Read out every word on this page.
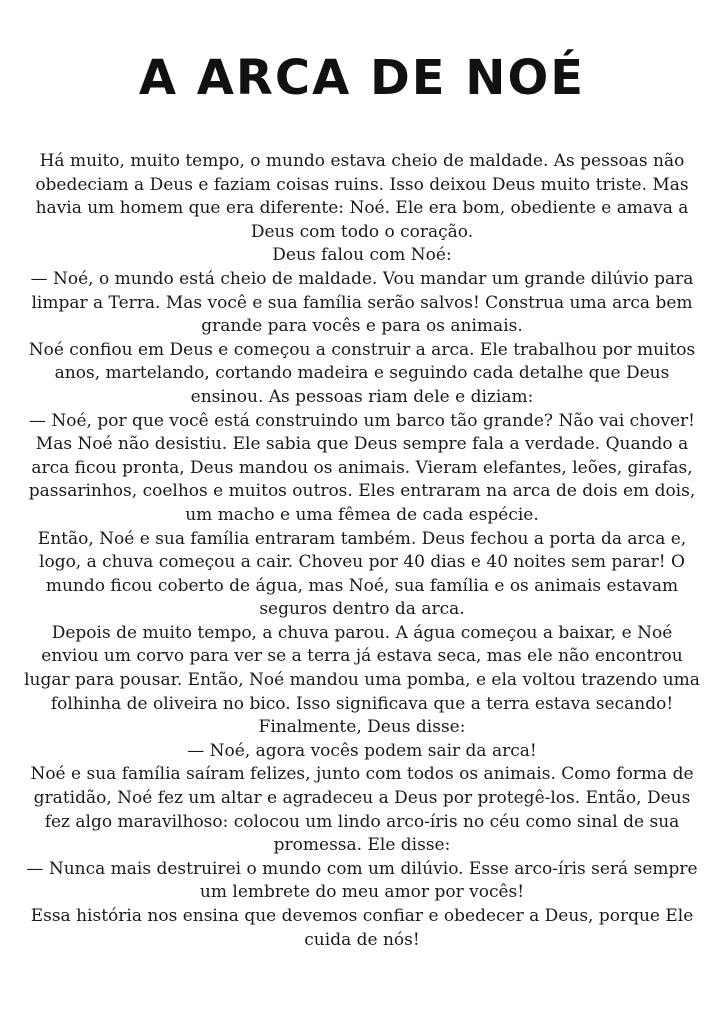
A ARCA DE NOÉ

Há muito, muito tempo, o mundo estava cheio de maldade. As pessoas não obedeciam a Deus e faziam coisas ruins. Isso deixou Deus muito triste. Mas havia um homem que era diferente: Noé. Ele era bom, obediente e amava a Deus com todo o coração.

Deus falou com Noé:

— Noé, o mundo está cheio de maldade. Vou mandar um grande dilúvio para limpar a Terra. Mas você e sua família serão salvos! Construa uma arca bem grande para vocês e para os animais.

Noé confiou em Deus e começou a construir a arca. Ele trabalhou por muitos anos, martelando, cortando madeira e seguindo cada detalhe que Deus ensinou. As pessoas riam dele e diziam:

— Noé, por que você está construindo um barco tão grande? Não vai chover!

Mas Noé não desistiu. Ele sabia que Deus sempre fala a verdade. Quando a arca ficou pronta, Deus mandou os animais. Vieram elefantes, leões, girafas, passarinhos, coelhos e muitos outros. Eles entraram na arca de dois em dois, um macho e uma fêmea de cada espécie.

Então, Noé e sua família entraram também. Deus fechou a porta da arca e, logo, a chuva começou a cair. Choveu por 40 dias e 40 noites sem parar! O mundo ficou coberto de água, mas Noé, sua família e os animais estavam seguros dentro da arca.

Depois de muito tempo, a chuva parou. A água começou a baixar, e Noé enviou um corvo para ver se a terra já estava seca, mas ele não encontrou lugar para pousar. Então, Noé mandou uma pomba, e ela voltou trazendo uma folhinha de oliveira no bico. Isso significava que a terra estava secando!

Finalmente, Deus disse:

— Noé, agora vocês podem sair da arca!

Noé e sua família saíram felizes, junto com todos os animais. Como forma de gratidão, Noé fez um altar e agradeceu a Deus por protegê-los. Então, Deus fez algo maravilhoso: colocou um lindo arco-íris no céu como sinal de sua promessa. Ele disse:

— Nunca mais destruirei o mundo com um dilúvio. Esse arco-íris será sempre um lembrete do meu amor por vocês!

Essa história nos ensina que devemos confiar e obedecer a Deus, porque Ele cuida de nós!
